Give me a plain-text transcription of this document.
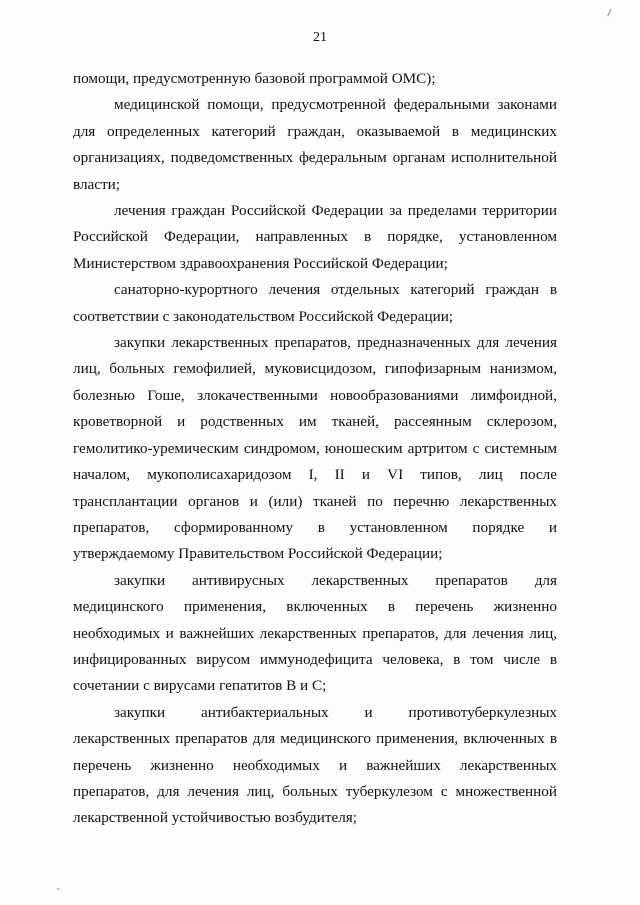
21

помощи, предусмотренную базовой программой ОМС);

медицинской помощи, предусмотренной федеральными законами для определенных категорий граждан, оказываемой в медицинских организациях, подведомственных федеральным органам исполнительной власти;

лечения граждан Российской Федерации за пределами территории Российской Федерации, направленных в порядке, установленном Министерством здравоохранения Российской Федерации;

санаторно-курортного лечения отдельных категорий граждан в соответствии с законодательством Российской Федерации;

закупки лекарственных препаратов, предназначенных для лечения лиц, больных гемофилией, муковисцидозом, гипофизарным нанизмом, болезнью Гоше, злокачественными новообразованиями лимфоидной, кроветворной и родственных им тканей, рассеянным склерозом, гемолитико-уремическим синдромом, юношеским артритом с системным началом, мукополисахаридозом I, II и VI типов, лиц после трансплантации органов и (или) тканей по перечню лекарственных препаратов, сформированному в установленном порядке и утверждаемому Правительством Российской Федерации;

закупки антивирусных лекарственных препаратов для медицинского применения, включенных в перечень жизненно необходимых и важнейших лекарственных препаратов, для лечения лиц, инфицированных вирусом иммунодефицита человека, в том числе в сочетании с вирусами гепатитов B и C;

закупки антибактериальных и противотуберкулезных лекарственных препаратов для медицинского применения, включенных в перечень жизненно необходимых и важнейших лекарственных препаратов, для лечения лиц, больных туберкулезом с множественной лекарственной устойчивостью возбудителя;
